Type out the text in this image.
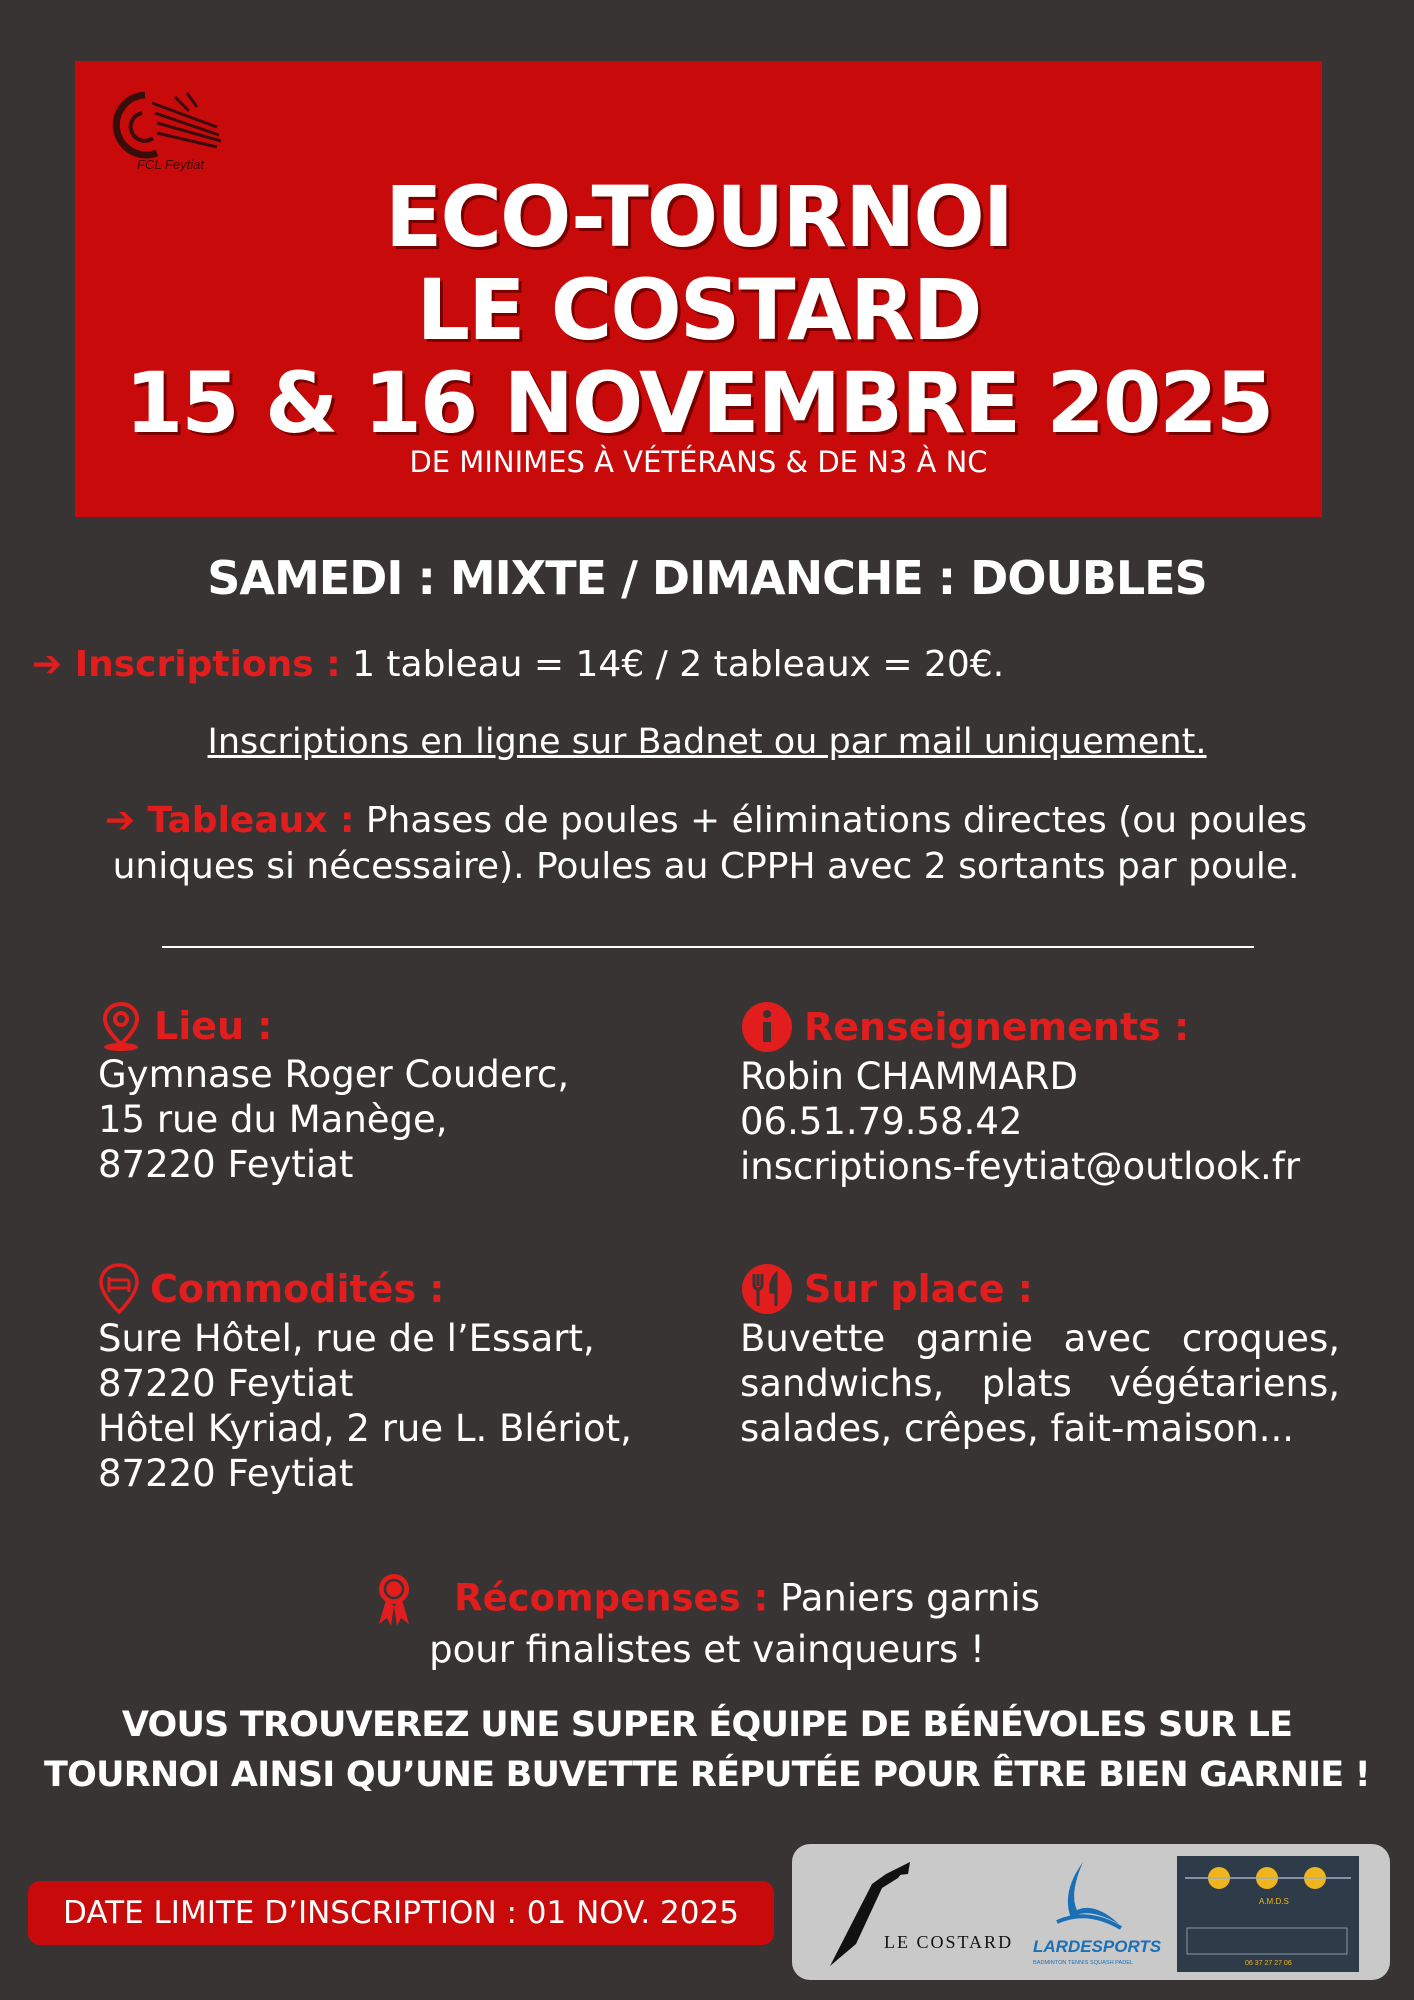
FCL Feytiat
ECO-TOURNOI
LE COSTARD
15 & 16 NOVEMBRE 2025
DE MINIMES À VÉTÉRANS & DE N3 À NC
SAMEDI : MIXTE / DIMANCHE : DOUBLES
➔ Inscriptions : 1 tableau = 14€ / 2 tableaux = 20€.
Inscriptions en ligne sur Badnet ou par mail uniquement.
➔ Tableaux : Phases de poules + éliminations directes (ou poules uniques si nécessaire). Poules au CPPH avec 2 sortants par poule.
Lieu :
Gymnase Roger Couderc,
15 rue du Manège,
87220 Feytiat
Renseignements :
Robin CHAMMARD
06.51.79.58.42
inscriptions-feytiat@outlook.fr
Commodités :
Sure Hôtel, rue de l’Essart,
87220 Feytiat
Hôtel Kyriad, 2 rue L. Blériot,
87220 Feytiat
Sur place :
Buvette garnie avec croques, sandwichs, plats végétariens, salades, crêpes, fait-maison...
Récompenses : Paniers garnis
pour finalistes et vainqueurs !
VOUS TROUVEREZ UNE SUPER ÉQUIPE DE BÉNÉVOLES SUR LE
TOURNOI AINSI QU’UNE BUVETTE RÉPUTÉE POUR ÊTRE BIEN GARNIE !
DATE LIMITE D’INSCRIPTION : 01 NOV. 2025
LE COSTARD LARDESPORTS
BADMINTON TENNIS SQUASH PADEL
A.M.D.S
06 37 27 27 06
